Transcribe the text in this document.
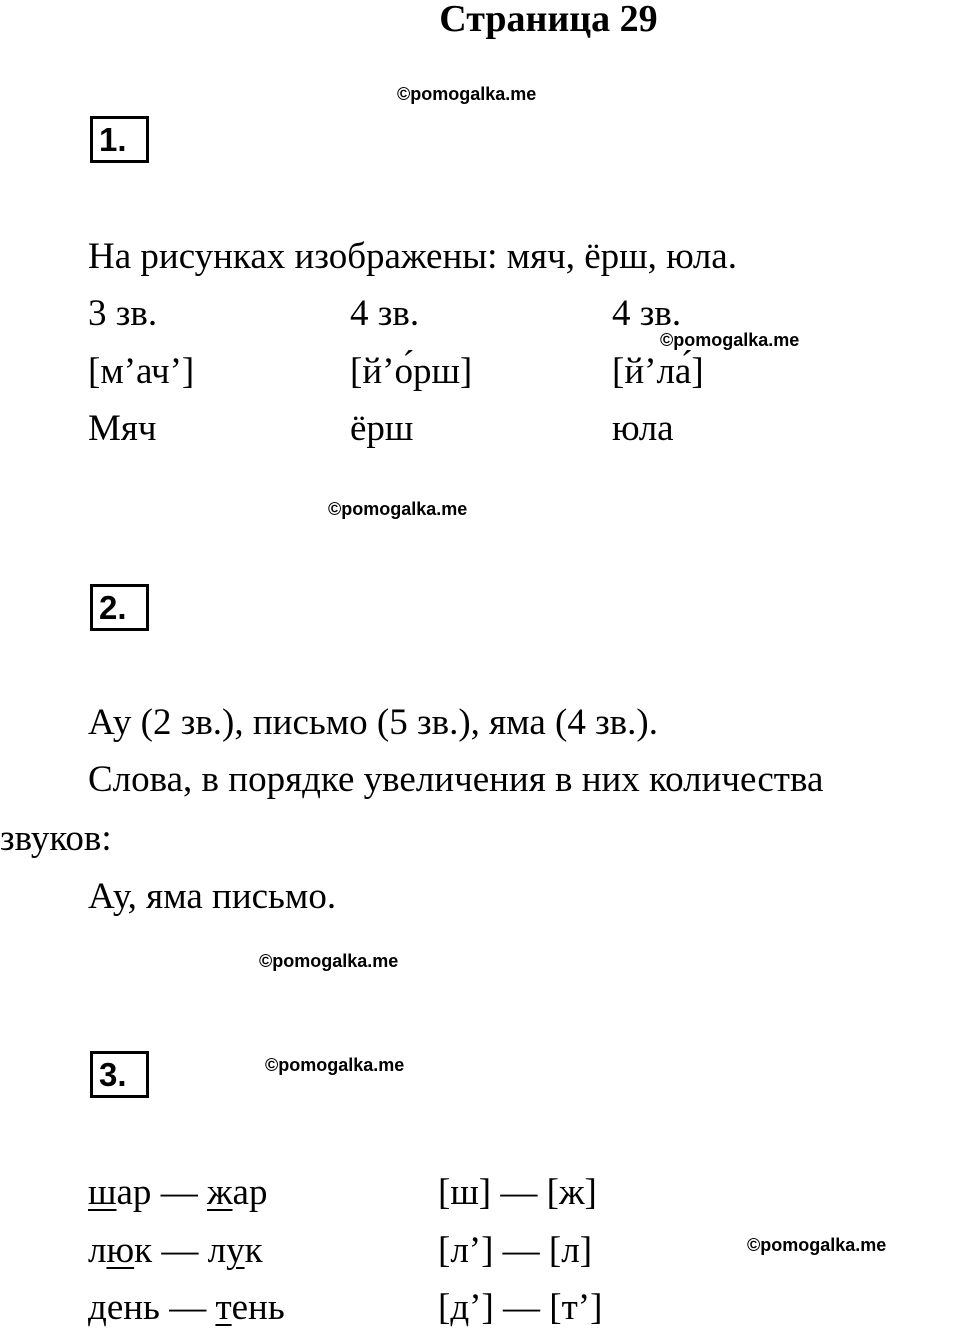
Страница 29
©pomogalka.me
1.
На рисунках изображены: мяч, ёрш, юла.
3 зв.	4 зв.	4 зв.
©pomogalka.me
[м’ач’]	[й’о́рш]	[й’ла́]
Мяч	ёрш	юла
©pomogalka.me
2.
Ау (2 зв.), письмо (5 зв.), яма (4 зв.).
Слова, в порядке увеличения в них количества
звуков:
Ау, яма письмо.
©pomogalka.me
3.	©pomogalka.me
шар — жар	[ш] — [ж]
люк — лук	[л’] — [л]	©pomogalka.me
день — тень	[д’] — [т’]
